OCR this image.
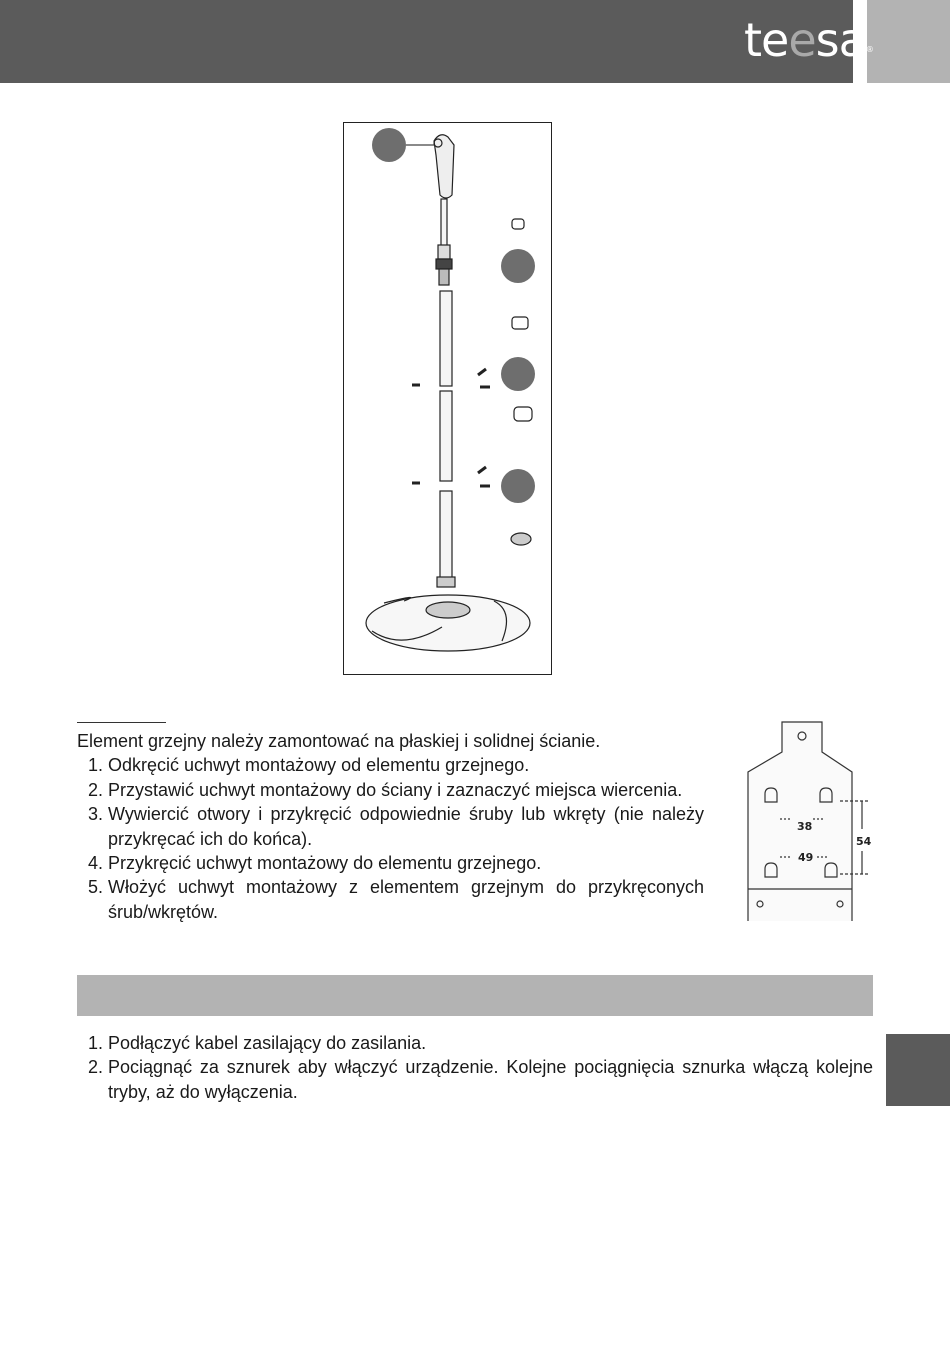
teesa®

Element grzejny należy zamontować na płaskiej i solidnej ścianie.

1.
Odkręcić uchwyt montażowy od elementu grzejnego.
2.
Przystawić uchwyt montażowy do ściany i zaznaczyć miejsca wiercenia.
3.
Wywiercić otwory i przykręcić odpowiednie śruby lub wkręty (nie należy przykręcać ich do końca).
4.
Przykręcić uchwyt montażowy do elementu grzejnego.
5.
Włożyć uchwyt montażowy z elementem grzejnym do przykręconych śrub/wkrętów.
38
49
54
1.
Podłączyć kabel zasilający do zasilania.
2.
Pociągnąć za sznurek aby włączyć urządzenie. Kolejne pociągnięcia sznurka włączą kolejne tryby, aż do wyłączenia.
